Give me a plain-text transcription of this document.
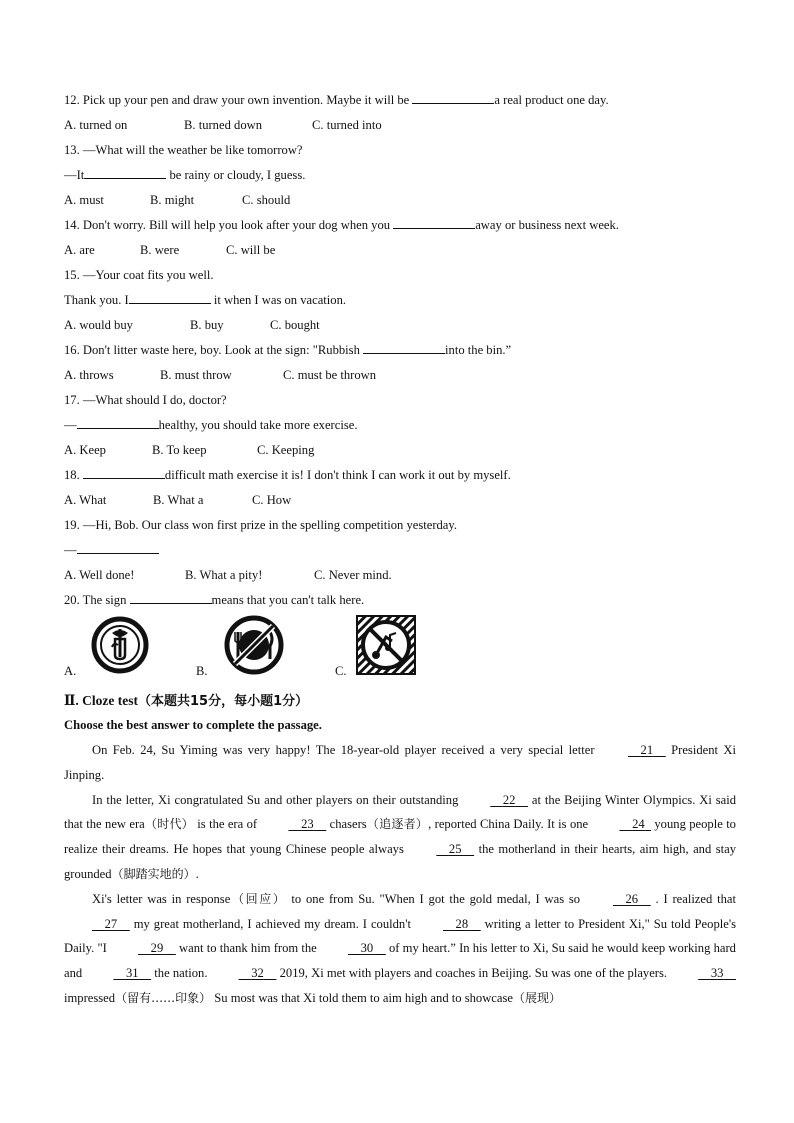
12. Pick up your pen and draw your own invention. Maybe it will be	a real product one day.
A. turned on	B. turned down	C. turned into
13. —What will the weather be like tomorrow?
—It	be rainy or cloudy, I guess.
A. must	B. might	C. should
14. Don't worry. Bill will help you look after your dog when you	away or business next week.
A. are	B. were	C. will be
15. —Your coat fits you well.
Thank you. I	it when I was on vacation.
A. would buy	B. buy	C. bought
16. Don't litter waste here, boy. Look at the sign: "Rubbish	into the bin.”
A. throws	B. must throw	C. must be thrown
17. —What should I do, doctor?
—	healthy, you should take more exercise.
A. Keep	B. To keep	C. Keeping
18.	difficult math exercise it is! I don't think I can work it out by myself.
A. What	B. What a	C. How
19. —Hi, Bob. Our class won first prize in the spelling competition yesterday.
—
A. Well done!	B. What a pity!	C. Never mind.
20. The sign	means that you can't talk here.
A.	B.	C.
Ⅱ. Cloze test（本题共15分，每小题1分）
Choose the best answer to complete the passage.
On Feb. 24, Su Yiming was very happy! The 18-year-old player received a very special letter   	21   President Xi Jinping.
In the letter, Xi congratulated Su and other players on their outstanding   	22   at the Beijing Winter Olympics. Xi said that the new era（时代） is the era of   	23   chasers（追逐者）, reported China Daily. It is one   	24  young people to realize their dreams. He hopes that young Chinese people always   	25   the motherland in their hearts, aim high, and stay grounded（脚踏实地的）.
Xi's letter was in response（回应） to one from Su. "When I got the gold medal, I was so   	26   . I realized that   27   my great motherland, I achieved my dream. I couldn't   	28   writing a letter to President Xi," Su told People's Daily. "I   	29   want to thank him from the   	30   of my heart.” In his letter to Xi, Su said he would keep working hard and   	31   the nation.   	32   2019, Xi met with players and coaches in Beijing. Su was one of the players.   	33   impressed（留有……印象） Su most was that Xi told them to aim high and to showcase（展现）
